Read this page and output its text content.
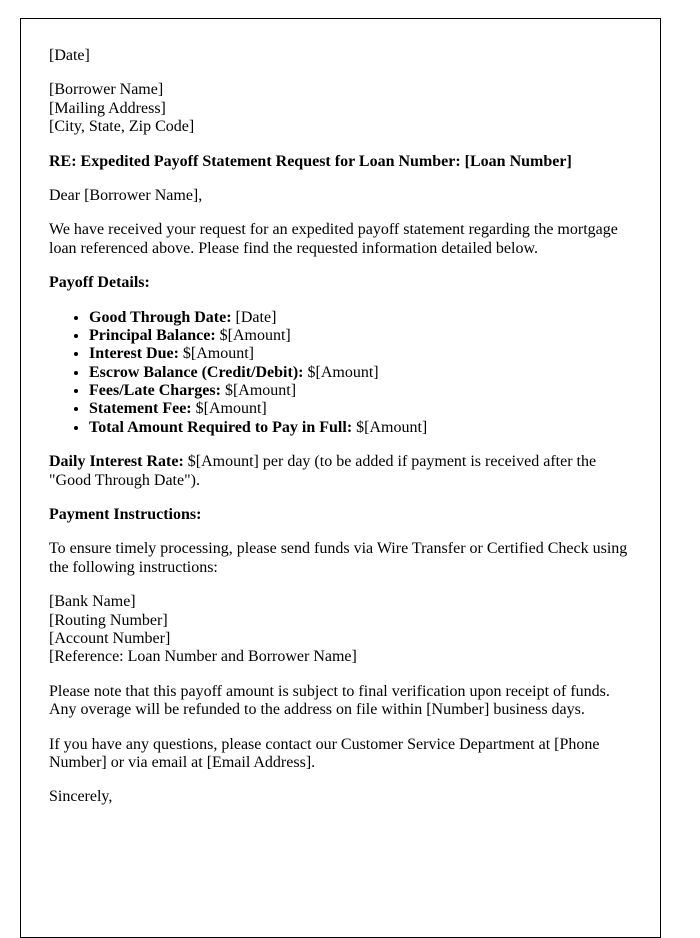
[Date]

[Borrower Name]
[Mailing Address]
[City, State, Zip Code]

RE: Expedited Payoff Statement Request for Loan Number: [Loan Number]

Dear [Borrower Name],

We have received your request for an expedited payoff statement regarding the mortgage loan referenced above. Please find the requested information detailed below.

Payoff Details:

• Good Through Date: [Date]
• Principal Balance: $[Amount]
• Interest Due: $[Amount]
• Escrow Balance (Credit/Debit): $[Amount]
• Fees/Late Charges: $[Amount]
• Statement Fee: $[Amount]
• Total Amount Required to Pay in Full: $[Amount]

Daily Interest Rate: $[Amount] per day (to be added if payment is received after the "Good Through Date").

Payment Instructions:

To ensure timely processing, please send funds via Wire Transfer or Certified Check using the following instructions:

[Bank Name]
[Routing Number]
[Account Number]
[Reference: Loan Number and Borrower Name]

Please note that this payoff amount is subject to final verification upon receipt of funds. Any overage will be refunded to the address on file within [Number] business days.

If you have any questions, please contact our Customer Service Department at [Phone Number] or via email at [Email Address].

Sincerely,
